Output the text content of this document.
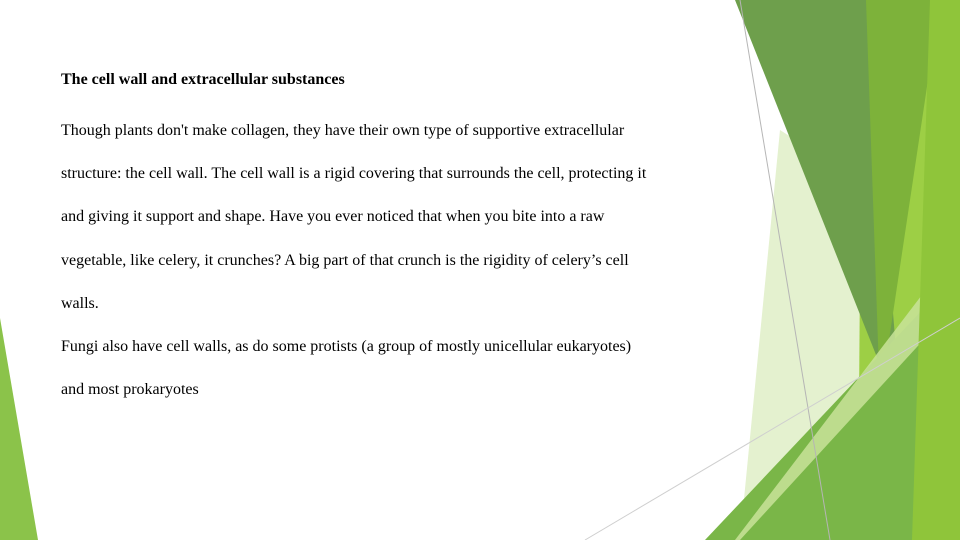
The cell wall and extracellular substances

Though plants don't make collagen, they have their own type of supportive extracellular

structure: the cell wall. The cell wall is a rigid covering that surrounds the cell, protecting it

and giving it support and shape. Have you ever noticed that when you bite into a raw

vegetable, like celery, it crunches? A big part of that crunch is the rigidity of celery’s cell

walls.

Fungi also have cell walls, as do some protists (a group of mostly unicellular eukaryotes)

and most prokaryotes
